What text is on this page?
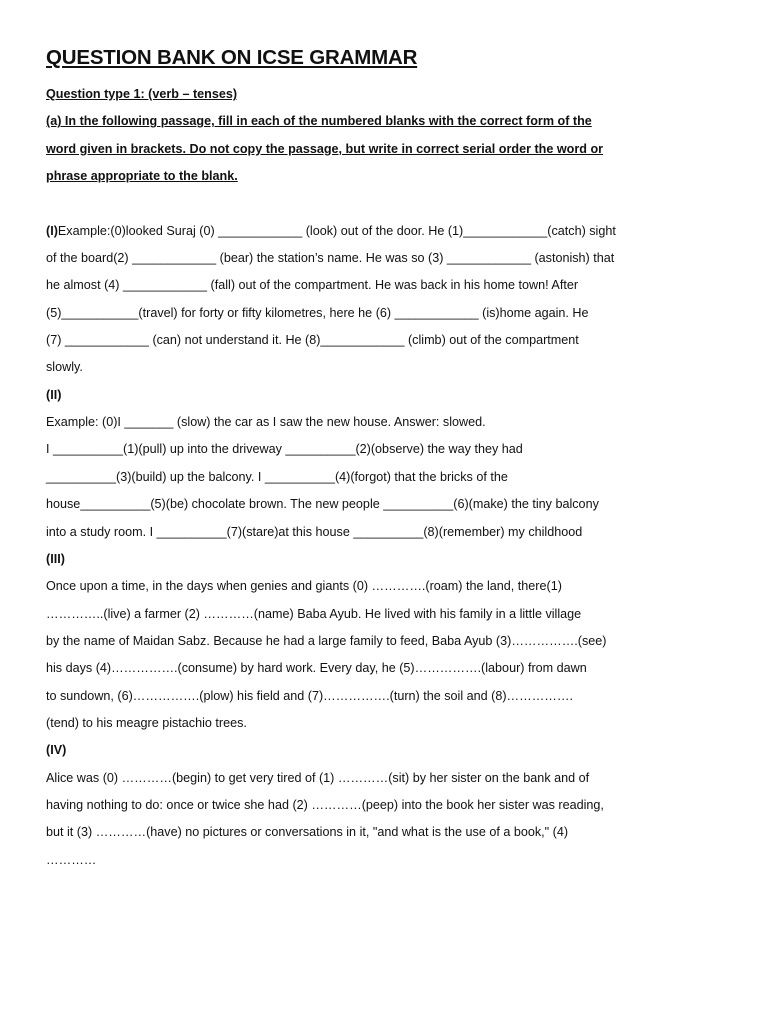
QUESTION BANK ON ICSE GRAMMAR
Question type 1: (verb – tenses)
(a) In the following passage, fill in each of the numbered blanks with the correct form of the
word given in brackets. Do not copy the passage, but write in correct serial order the word or
phrase appropriate to the blank.
(I)Example:(0)looked Suraj (0) ____________ (look) out of the door. He (1)____________(catch) sight
of the board(2) ____________ (bear) the station’s name. He was so (3) ____________ (astonish) that
he almost (4) ____________ (fall) out of the compartment. He was back in his home town! After
(5)___________(travel) for forty or fifty kilometres, here he (6) ____________ (is)home again. He
(7) ____________ (can) not understand it. He (8)____________ (climb) out of the compartment
slowly.
(II)
Example: (0)I _______ (slow) the car as I saw the new house. Answer: slowed.
I __________(1)(pull) up into the driveway __________(2)(observe) the way they had
__________(3)(build) up the balcony. I __________(4)(forgot) that the bricks of the
house__________(5)(be) chocolate brown. The new people __________(6)(make) the tiny balcony
into a study room. I __________(7)(stare)at this house __________(8)(remember) my childhood
(III)
Once upon a time, in the days when genies and giants (0) ………….(roam) the land, there(1)
…………..(live) a farmer (2) …………(name) Baba Ayub. He lived with his family in a little village
by the name of Maidan Sabz. Because he had a large family to feed, Baba Ayub (3)…………….(see)
his days (4)…………….(consume) by hard work. Every day, he (5)…………….(labour) from dawn
to sundown, (6)…………….(plow) his field and (7)…………….(turn) the soil and (8)…………….
(tend) to his meagre pistachio trees.
(IV)
Alice was (0) …………(begin) to get very tired of (1) …………(sit) by her sister on the bank and of
having nothing to do: once or twice she had (2) …………(peep) into the book her sister was reading,
but it (3) …………(have) no pictures or conversations in it, "and what is the use of a book," (4)
…………
